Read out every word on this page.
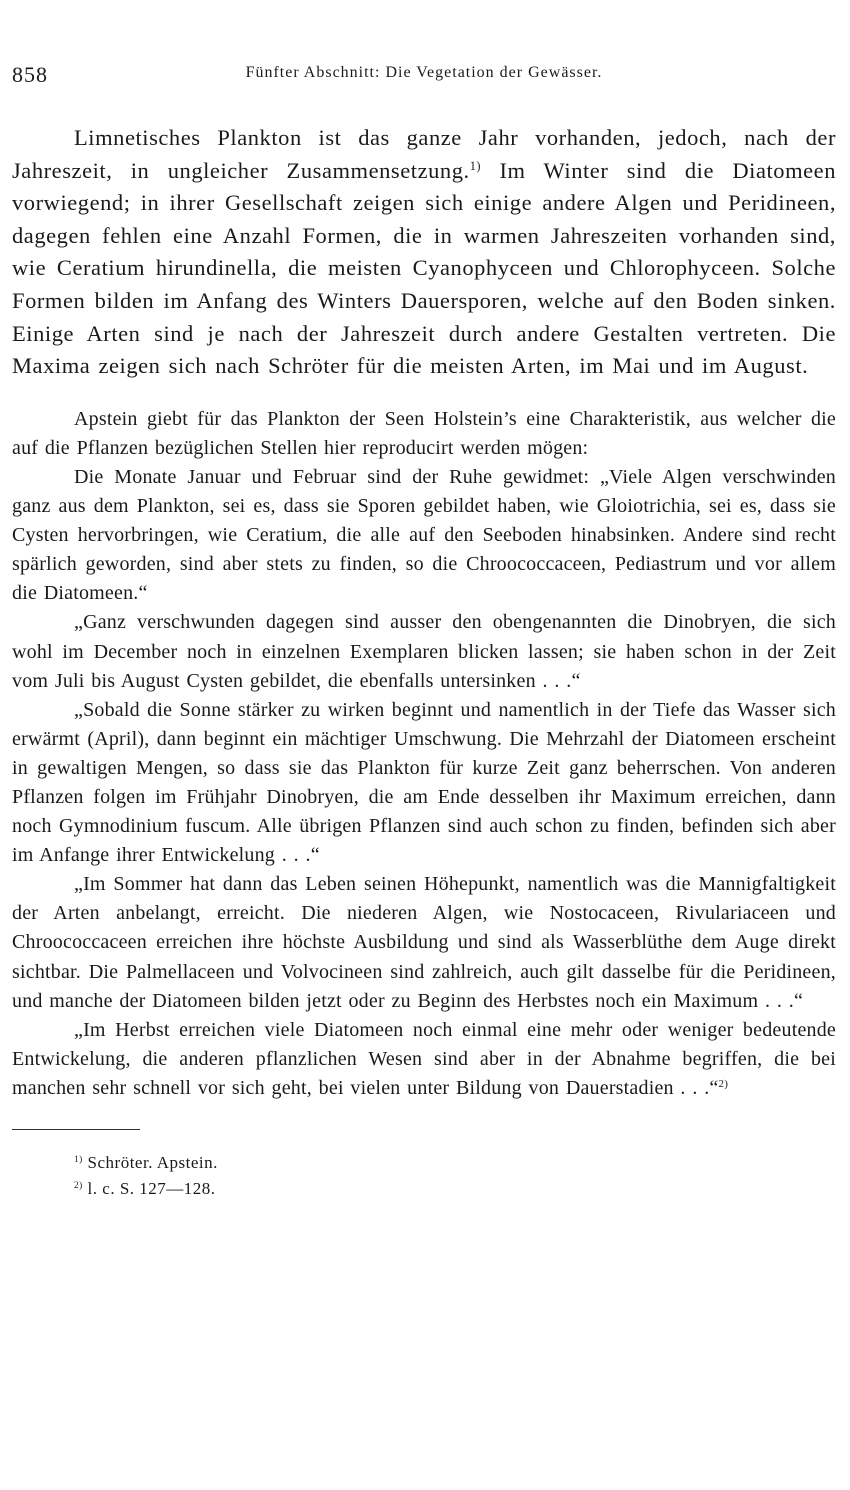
858	Fünfter Abschnitt: Die Vegetation der Gewässer.

Limnetisches Plankton ist das ganze Jahr vorhanden, jedoch, nach der Jahreszeit, in ungleicher Zusammensetzung.$^{1)}$ Im Winter sind die Diatomeen vorwiegend; in ihrer Gesellschaft zeigen sich einige andere Algen und Peridineen, dagegen fehlen eine Anzahl Formen, die in warmen Jahreszeiten vorhanden sind, wie Ceratium hirundinella, die meisten Cyanophyceen und Chlorophyceen. Solche Formen bilden im Anfang des Winters Dauersporen, welche auf den Boden sinken. Einige Arten sind je nach der Jahreszeit durch andere Gestalten vertreten. Die Maxima zeigen sich nach Schröter für die meisten Arten, im Mai und im August.

Apstein giebt für das Plankton der Seen Holstein’s eine Charakteristik, aus welcher die auf die Pflanzen bezüglichen Stellen hier reproducirt werden mögen:

Die Monate Januar und Februar sind der Ruhe gewidmet: „Viele Algen verschwinden ganz aus dem Plankton, sei es, dass sie Sporen gebildet haben, wie Gloiotrichia, sei es, dass sie Cysten hervorbringen, wie Ceratium, die alle auf den Seeboden hinabsinken. Andere sind recht spärlich geworden, sind aber stets zu finden, so die Chroococcaceen, Pediastrum und vor allem die Diatomeen.“

„Ganz verschwunden dagegen sind ausser den obengenannten die Dinobryen, die sich wohl im December noch in einzelnen Exemplaren blicken lassen; sie haben schon in der Zeit vom Juli bis August Cysten gebildet, die ebenfalls untersinken . . .“

„Sobald die Sonne stärker zu wirken beginnt und namentlich in der Tiefe das Wasser sich erwärmt (April), dann beginnt ein mächtiger Umschwung. Die Mehrzahl der Diatomeen erscheint in gewaltigen Mengen, so dass sie das Plankton für kurze Zeit ganz beherrschen. Von anderen Pflanzen folgen im Frühjahr Dinobryen, die am Ende desselben ihr Maximum erreichen, dann noch Gymnodinium fuscum. Alle übrigen Pflanzen sind auch schon zu finden, befinden sich aber im Anfange ihrer Entwickelung . . .“

„Im Sommer hat dann das Leben seinen Höhepunkt, namentlich was die Mannigfaltigkeit der Arten anbelangt, erreicht. Die niederen Algen, wie Nostocaceen, Rivulariaceen und Chroococcaceen erreichen ihre höchste Ausbildung und sind als Wasserblüthe dem Auge direkt sichtbar. Die Palmellaceen und Volvocineen sind zahlreich, auch gilt dasselbe für die Peridineen, und manche der Diatomeen bilden jetzt oder zu Beginn des Herbstes noch ein Maximum . . .“

„Im Herbst erreichen viele Diatomeen noch einmal eine mehr oder weniger bedeutende Entwickelung, die anderen pflanzlichen Wesen sind aber in der Abnahme begriffen, die bei manchen sehr schnell vor sich geht, bei vielen unter Bildung von Dauerstadien . . .“$^{2)}$

$^{1)}$ Schröter. Apstein.

$^{2)}$ l. c. S. 127—128.
